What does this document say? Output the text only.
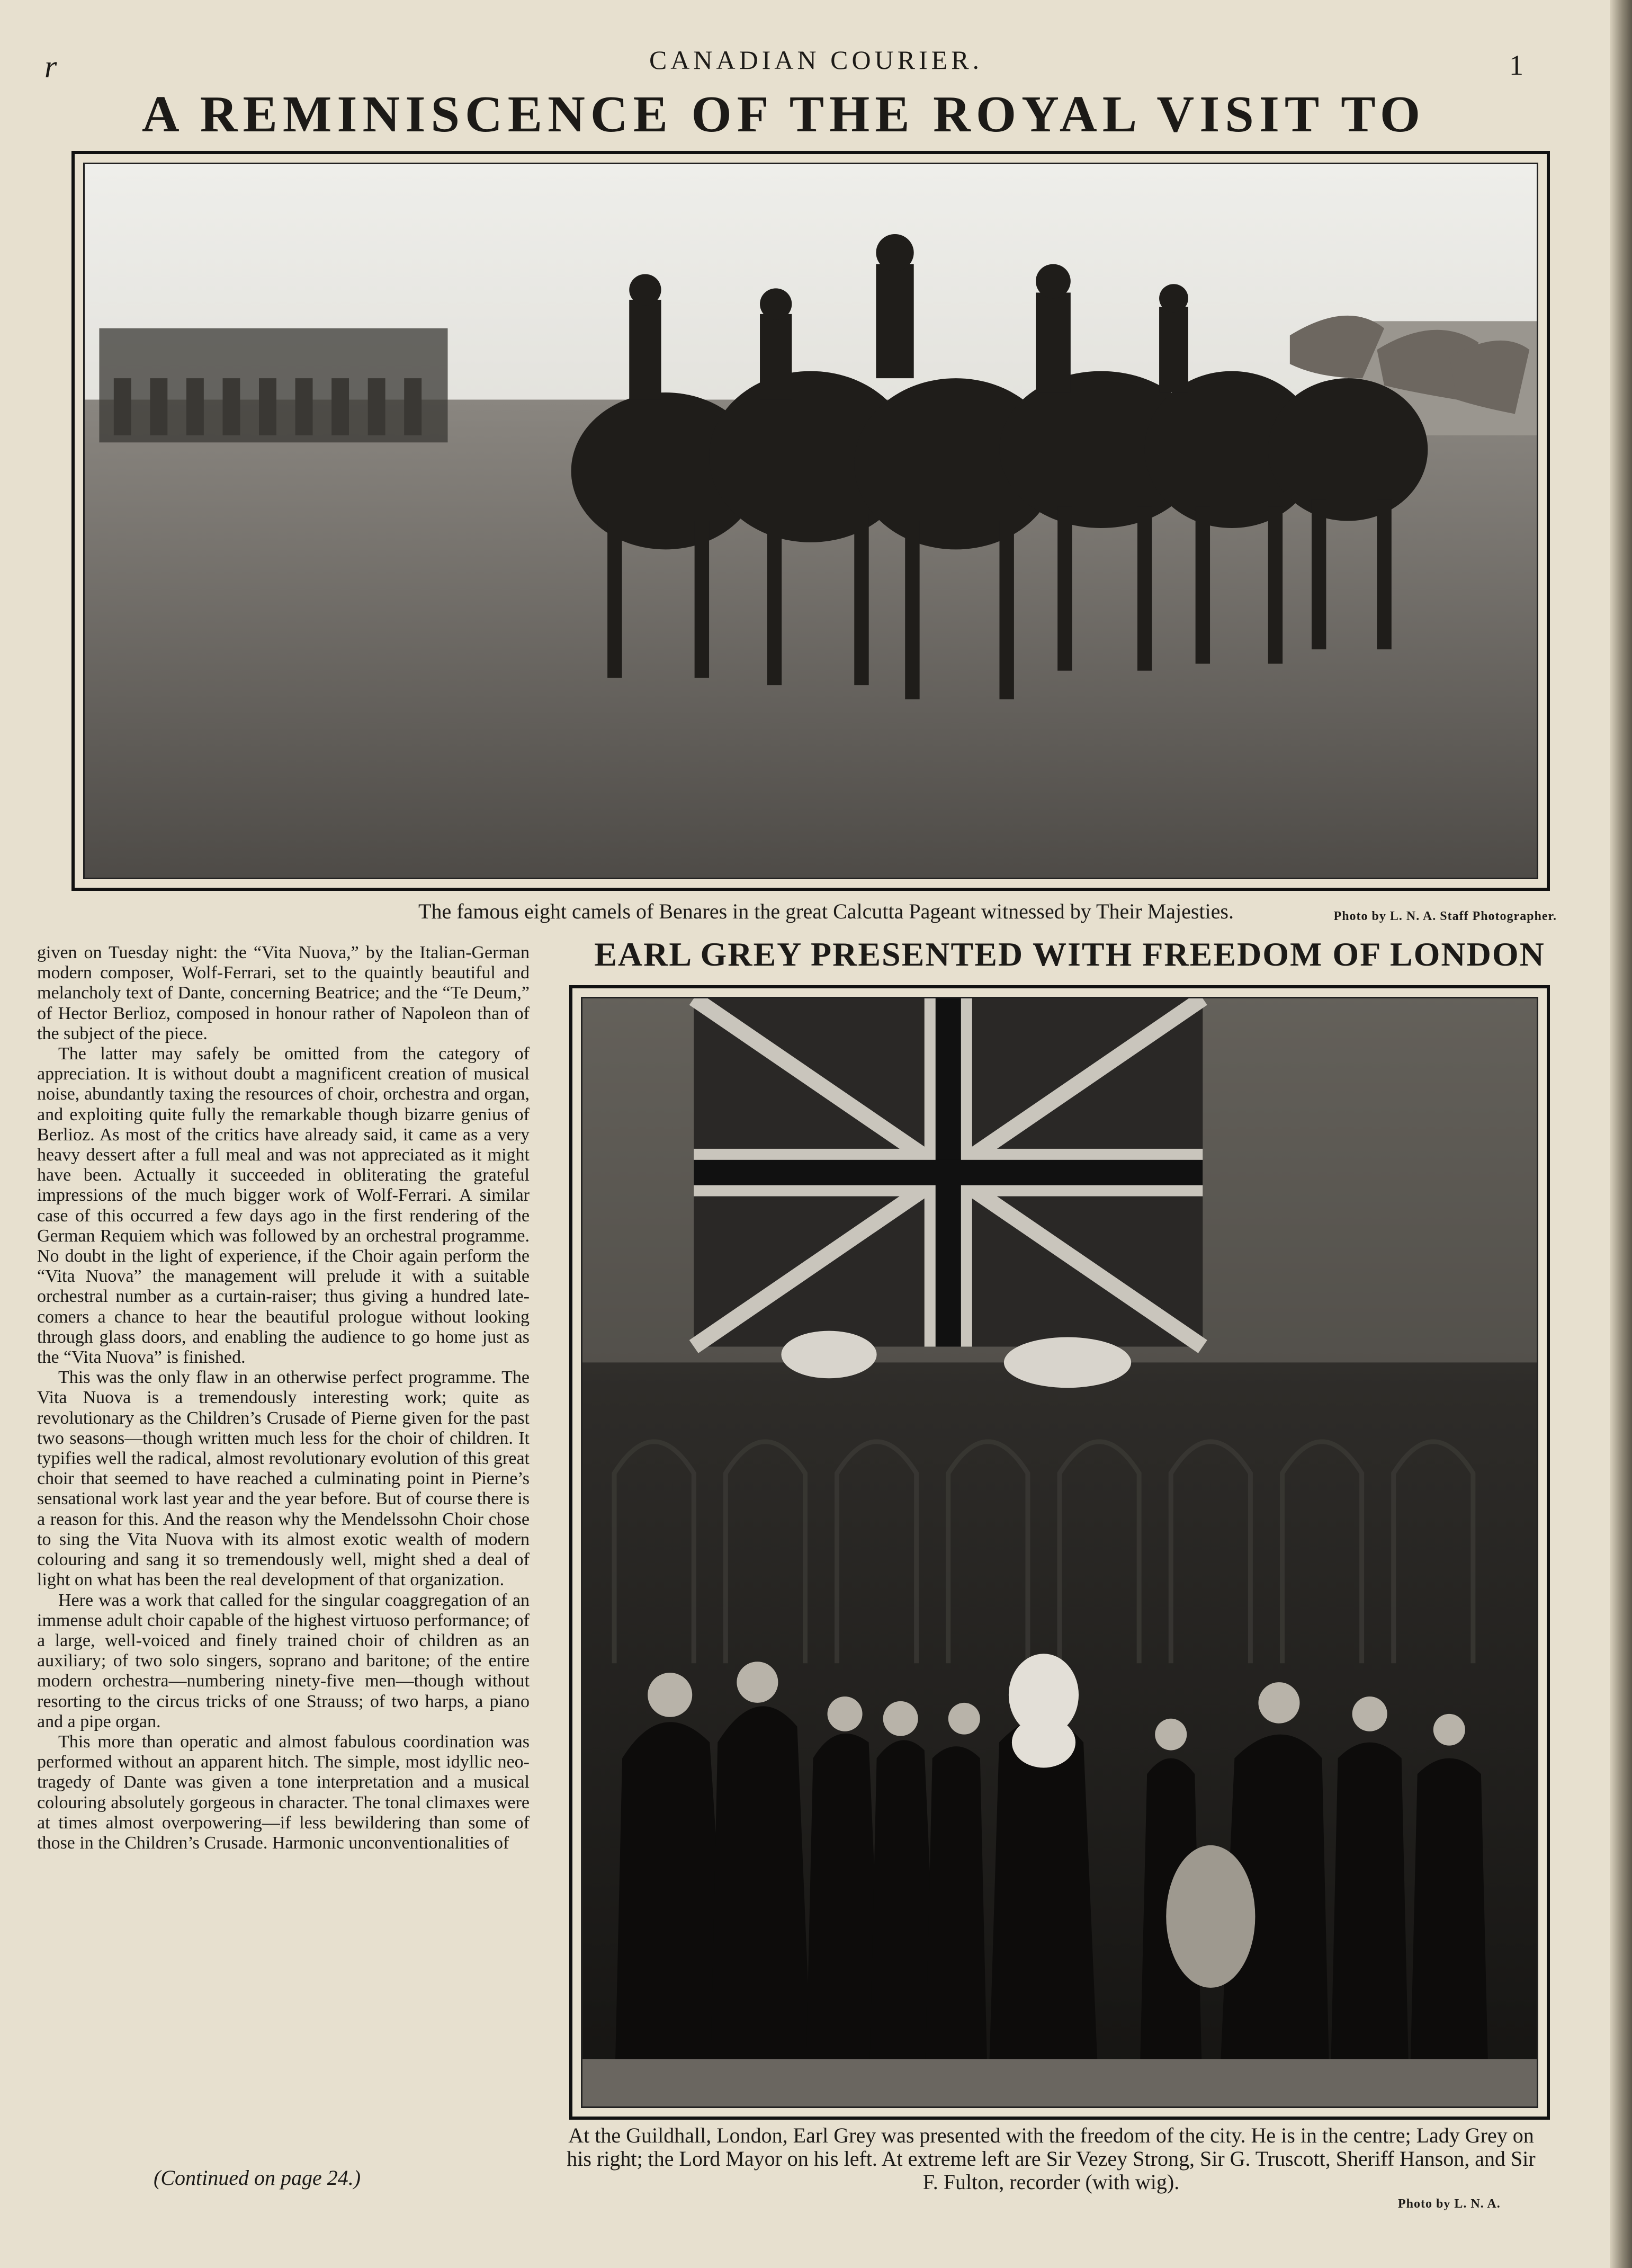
r	CANADIAN COURIER.	1
A REMINISCENCE OF THE ROYAL VISIT TO
The famous eight camels of Benares in the great Calcutta Pageant witnessed by Their Majesties.	Photo by L. N. A. Staff Photographer.
EARL GREY PRESENTED WITH FREEDOM OF LONDON

given on Tuesday night: the “Vita Nuova,” by the Italian-German modern composer, Wolf-Ferrari, set to the quaintly beautiful and melancholy text of Dante, concerning Beatrice; and the “Te Deum,” of Hector Berlioz, composed in honour rather of Napoleon than of the subject of the piece.

The latter may safely be omitted from the category of appreciation. It is without doubt a magnificent creation of musical noise, abundantly taxing the resources of choir, orchestra and organ, and exploiting quite fully the remarkable though bizarre genius of Berlioz. As most of the critics have already said, it came as a very heavy dessert after a full meal and was not appreciated as it might have been. Actually it succeeded in obliterating the grateful impressions of the much bigger work of Wolf-Ferrari. A similar case of this occurred a few days ago in the first rendering of the German Requiem which was followed by an orchestral programme. No doubt in the light of experience, if the Choir again perform the “Vita Nuova” the management will prelude it with a suitable orchestral number as a curtain-raiser; thus giving a hundred late-comers a chance to hear the beautiful prologue without looking through glass doors, and enabling the audience to go home just as the “Vita Nuova” is finished.

This was the only flaw in an otherwise perfect programme. The Vita Nuova is a tremendously interesting work; quite as revolutionary as the Children’s Crusade of Pierne given for the past two seasons—though written much less for the choir of children. It typifies well the radical, almost revolutionary evolution of this great choir that seemed to have reached a culminating point in Pierne’s sensational work last year and the year before. But of course there is a reason for this. And the reason why the Mendelssohn Choir chose to sing the Vita Nuova with its almost exotic wealth of modern colouring and sang it so tremendously well, might shed a deal of light on what has been the real development of that organization.

Here was a work that called for the singular coaggregation of an immense adult choir capable of the highest virtuoso performance; of a large, well-voiced and finely trained choir of children as an auxiliary; of two solo singers, soprano and baritone; of the entire modern orchestra—numbering ninety-five men—though without resorting to the circus tricks of one Strauss; of two harps, a piano and a pipe organ.

This more than operatic and almost fabulous coordination was performed without an apparent hitch. The simple, most idyllic neo-tragedy of Dante was given a tone interpretation and a musical colouring absolutely gorgeous in character. The tonal climaxes were at times almost overpowering—if less bewildering than some of those in the Children’s Crusade. Harmonic unconventionalities of

(Continued on page 24.)
At the Guildhall, London, Earl Grey was presented with the freedom of the city. He is in the centre; Lady Grey on his right; the Lord Mayor on his left. At extreme left are Sir Vezey Strong, Sir G. Truscott, Sheriff Hanson, and Sir F. Fulton, recorder (with wig).
Photo by L. N. A.
